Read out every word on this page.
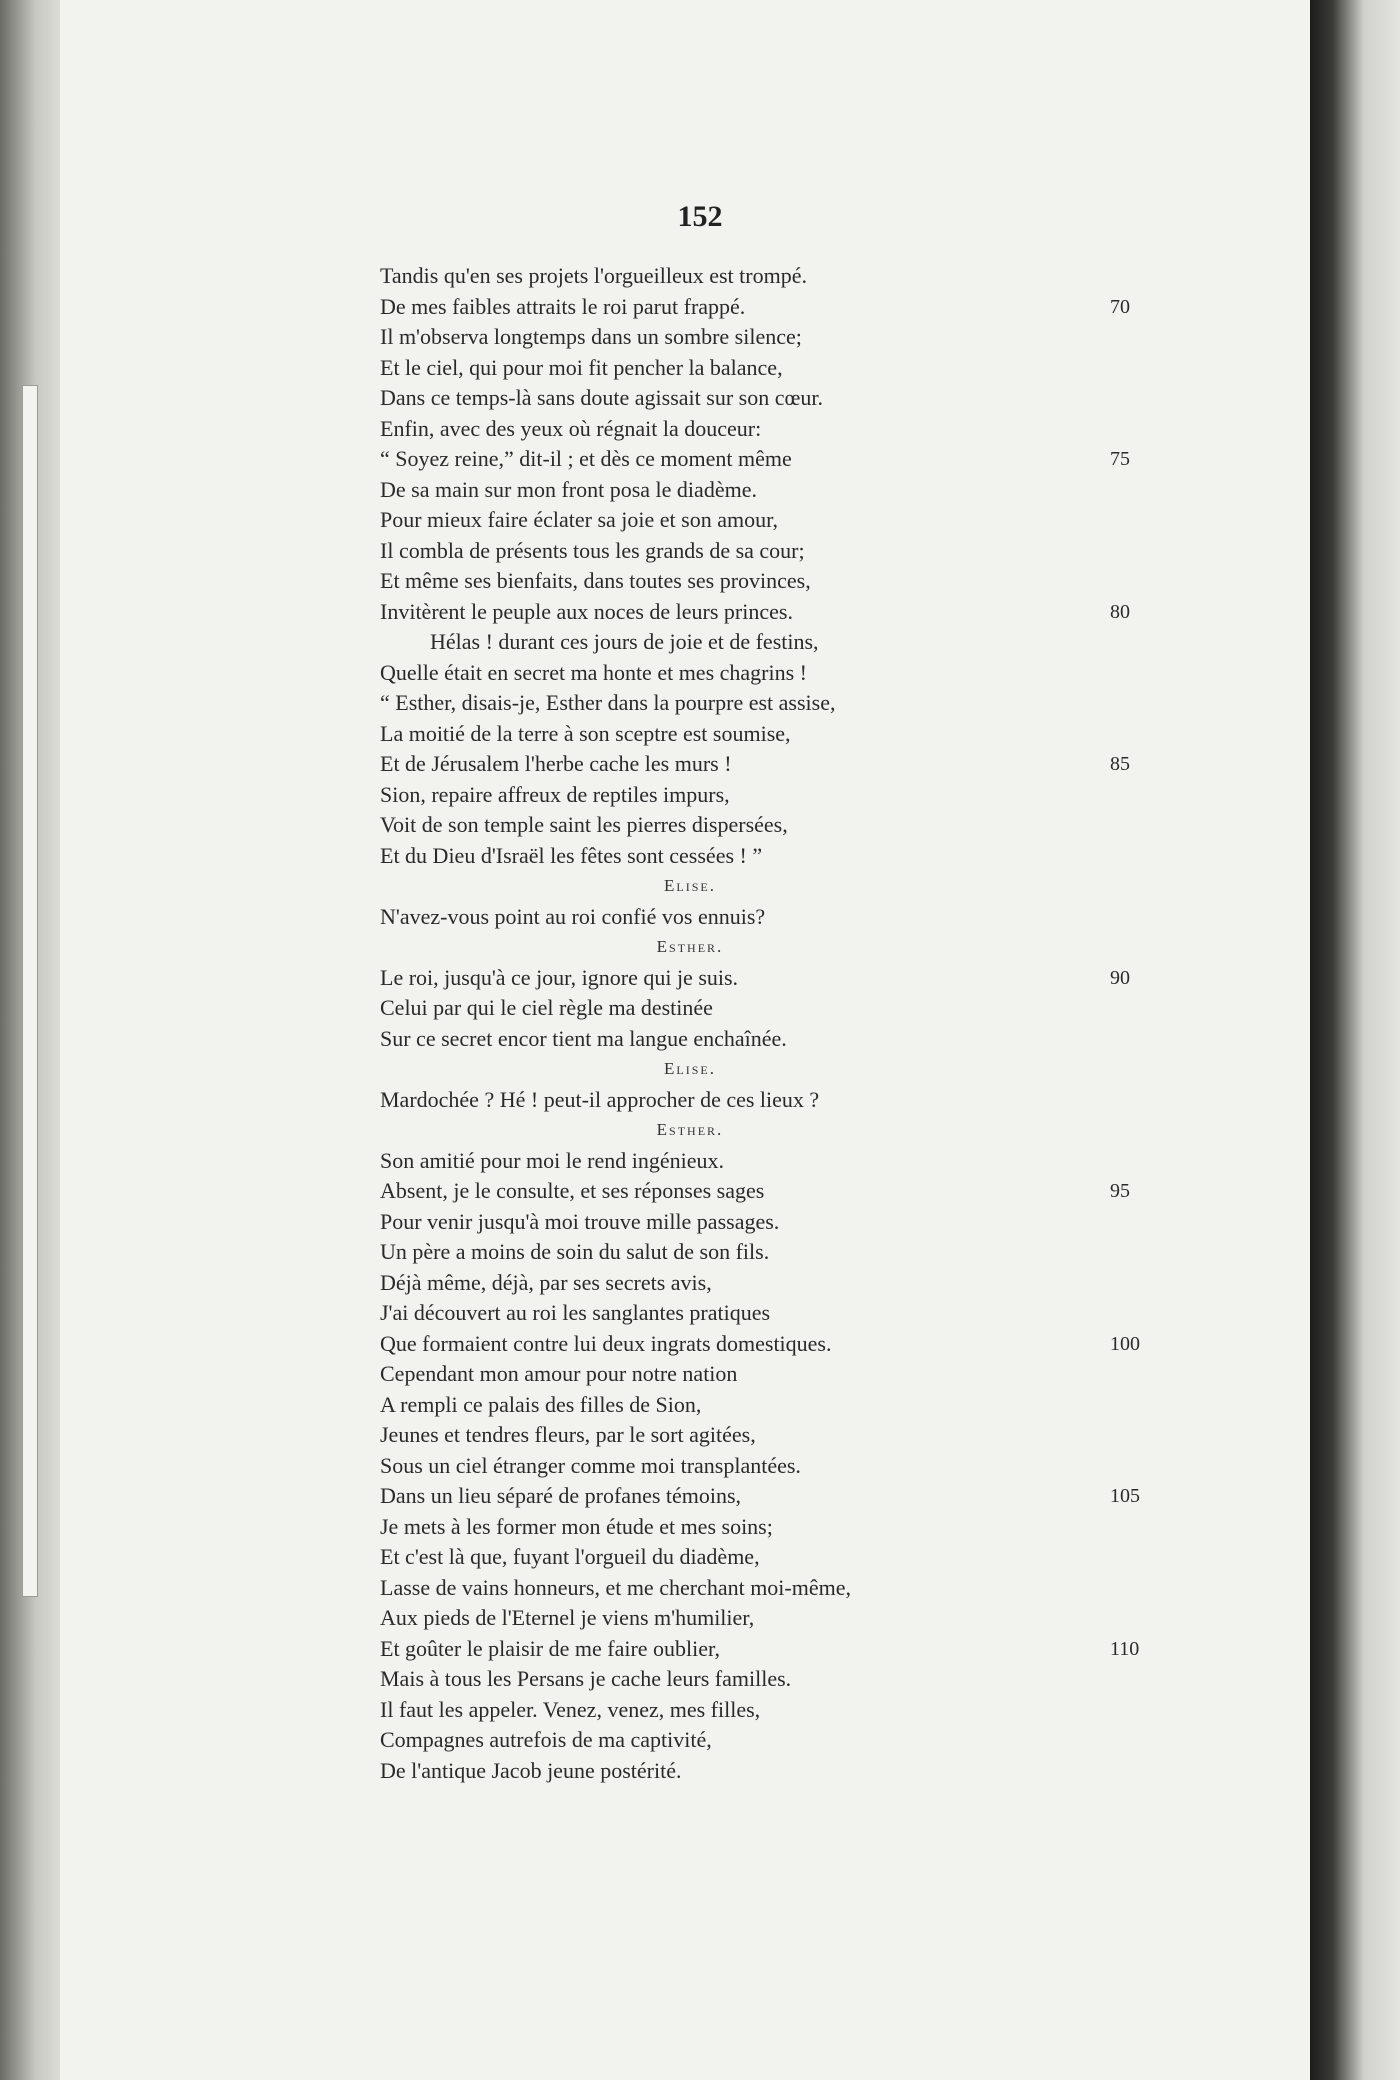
152
Tandis qu'en ses projets l'orgueilleux est trompé.
De mes faibles attraits le roi parut frappé.	70
Il m'observa longtemps dans un sombre silence;
Et le ciel, qui pour moi fit pencher la balance,
Dans ce temps-là sans doute agissait sur son cœur.
Enfin, avec des yeux où régnait la douceur:
“ Soyez reine,” dit-il ; et dès ce moment même	75
De sa main sur mon front posa le diadème.
Pour mieux faire éclater sa joie et son amour,
Il combla de présents tous les grands de sa cour;
Et même ses bienfaits, dans toutes ses provinces,
Invitèrent le peuple aux noces de leurs princes.	80
Hélas ! durant ces jours de joie et de festins,
Quelle était en secret ma honte et mes chagrins !
“ Esther, disais-je, Esther dans la pourpre est assise,
La moitié de la terre à son sceptre est soumise,
Et de Jérusalem l'herbe cache les murs !	85
Sion, repaire affreux de reptiles impurs,
Voit de son temple saint les pierres dispersées,
Et du Dieu d'Israël les fêtes sont cessées ! ”
Elise.
N'avez-vous point au roi confié vos ennuis?
Esther.
Le roi, jusqu'à ce jour, ignore qui je suis.	90
Celui par qui le ciel règle ma destinée
Sur ce secret encor tient ma langue enchaînée.
Elise.
Mardochée ? Hé ! peut-il approcher de ces lieux ?
Esther.
Son amitié pour moi le rend ingénieux.
Absent, je le consulte, et ses réponses sages	95
Pour venir jusqu'à moi trouve mille passages.
Un père a moins de soin du salut de son fils.
Déjà même, déjà, par ses secrets avis,
J'ai découvert au roi les sanglantes pratiques
Que formaient contre lui deux ingrats domestiques.	100
Cependant mon amour pour notre nation
A rempli ce palais des filles de Sion,
Jeunes et tendres fleurs, par le sort agitées,
Sous un ciel étranger comme moi transplantées.
Dans un lieu séparé de profanes témoins,	105
Je mets à les former mon étude et mes soins;
Et c'est là que, fuyant l'orgueil du diadème,
Lasse de vains honneurs, et me cherchant moi-même,
Aux pieds de l'Eternel je viens m'humilier,
Et goûter le plaisir de me faire oublier,	110
Mais à tous les Persans je cache leurs familles.
Il faut les appeler. Venez, venez, mes filles,
Compagnes autrefois de ma captivité,
De l'antique Jacob jeune postérité.
